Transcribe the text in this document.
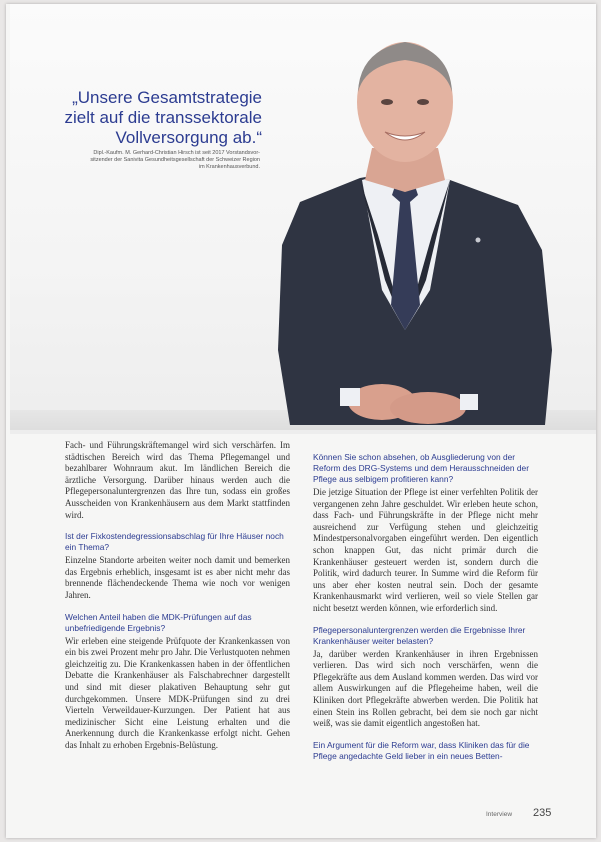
„Unsere Gesamtstrategie
zielt auf die transsektorale
Vollversorgung ab.“
Dipl.-Kaufm. M. Gerhard-Christian Hirsch ist seit 2017 Vorstandsvor-
sitzender der Sanivita Gesundheitsgesellschaft der Schweizer Region
im Krankenhausverbund.

Fach- und Führungskräftemangel wird sich verschärfen. Im städtischen Bereich wird das Thema Pflegemangel und bezahlbarer Wohnraum akut. Im ländlichen Bereich die ärztliche Versorgung. Darüber hinaus werden auch die Pflegepersonaluntergrenzen das Ihre tun, sodass ein großes Ausscheiden von Krankenhäusern aus dem Markt stattfinden wird.

Ist der Fixkostendegressionsabschlag für Ihre Häuser noch ein Thema?

Einzelne Standorte arbeiten weiter noch damit und bemerken das Ergebnis erheblich, insgesamt ist es aber nicht mehr das brennende flächendeckende Thema wie noch vor wenigen Jahren.

Welchen Anteil haben die MDK-Prüfungen auf das unbefriedigende Ergebnis?

Wir erleben eine steigende Prüfquote der Krankenkassen von ein bis zwei Prozent mehr pro Jahr. Die Verlustquoten nehmen gleichzeitig zu. Die Krankenkassen haben in der öffentlichen Debatte die Krankenhäuser als Falschabrechner dargestellt und sind mit dieser plakativen Behauptung sehr gut durchgekommen. Unsere MDK-Prüfungen sind zu drei Vierteln Verweildauer-Kurzungen. Der Patient hat aus medizinischer Sicht eine Leistung erhalten und die Anerkennung durch die Krankenkasse erfolgt nicht. Gehen das Inhalt zu erhoben Ergebnis-Belüstung.

Können Sie schon absehen, ob Ausgliederung von der Reform des DRG-Systems und dem Herausschneiden der Pflege aus selbigem profitieren kann?

Die jetzige Situation der Pflege ist einer verfehlten Politik der vergangenen zehn Jahre geschuldet. Wir erleben heute schon, dass Fach- und Führungskräfte in der Pflege nicht mehr ausreichend zur Verfügung stehen und gleichzeitig Mindestpersonalvorgaben eingeführt werden. Den eigentlich schon knappen Gut, das nicht primär durch die Krankenhäuser gesteuert werden ist, sondern durch die Politik, wird dadurch teurer. In Summe wird die Reform für uns aber eher kosten neutral sein. Doch der gesamte Krankenhausmarkt wird verlieren, weil so viele Stellen gar nicht besetzt werden können, wie erforderlich sind.

Pflegepersonaluntergrenzen werden die Ergebnisse Ihrer Krankenhäuser weiter belasten?

Ja, darüber werden Krankenhäuser in ihren Ergebnissen verlieren. Das wird sich noch verschärfen, wenn die Pflegekräfte aus dem Ausland kommen werden. Das wird vor allem Auswirkungen auf die Pflegeheime haben, weil die Kliniken dort Pflegekräfte abwerben werden. Die Politik hat einen Stein ins Rollen gebracht, bei dem sie noch gar nicht weiß, was sie damit eigentlich angestoßen hat.

Ein Argument für die Reform war, dass Kliniken das für die Pflege angedachte Geld lieber in ein neues Betten-

Interview 235
